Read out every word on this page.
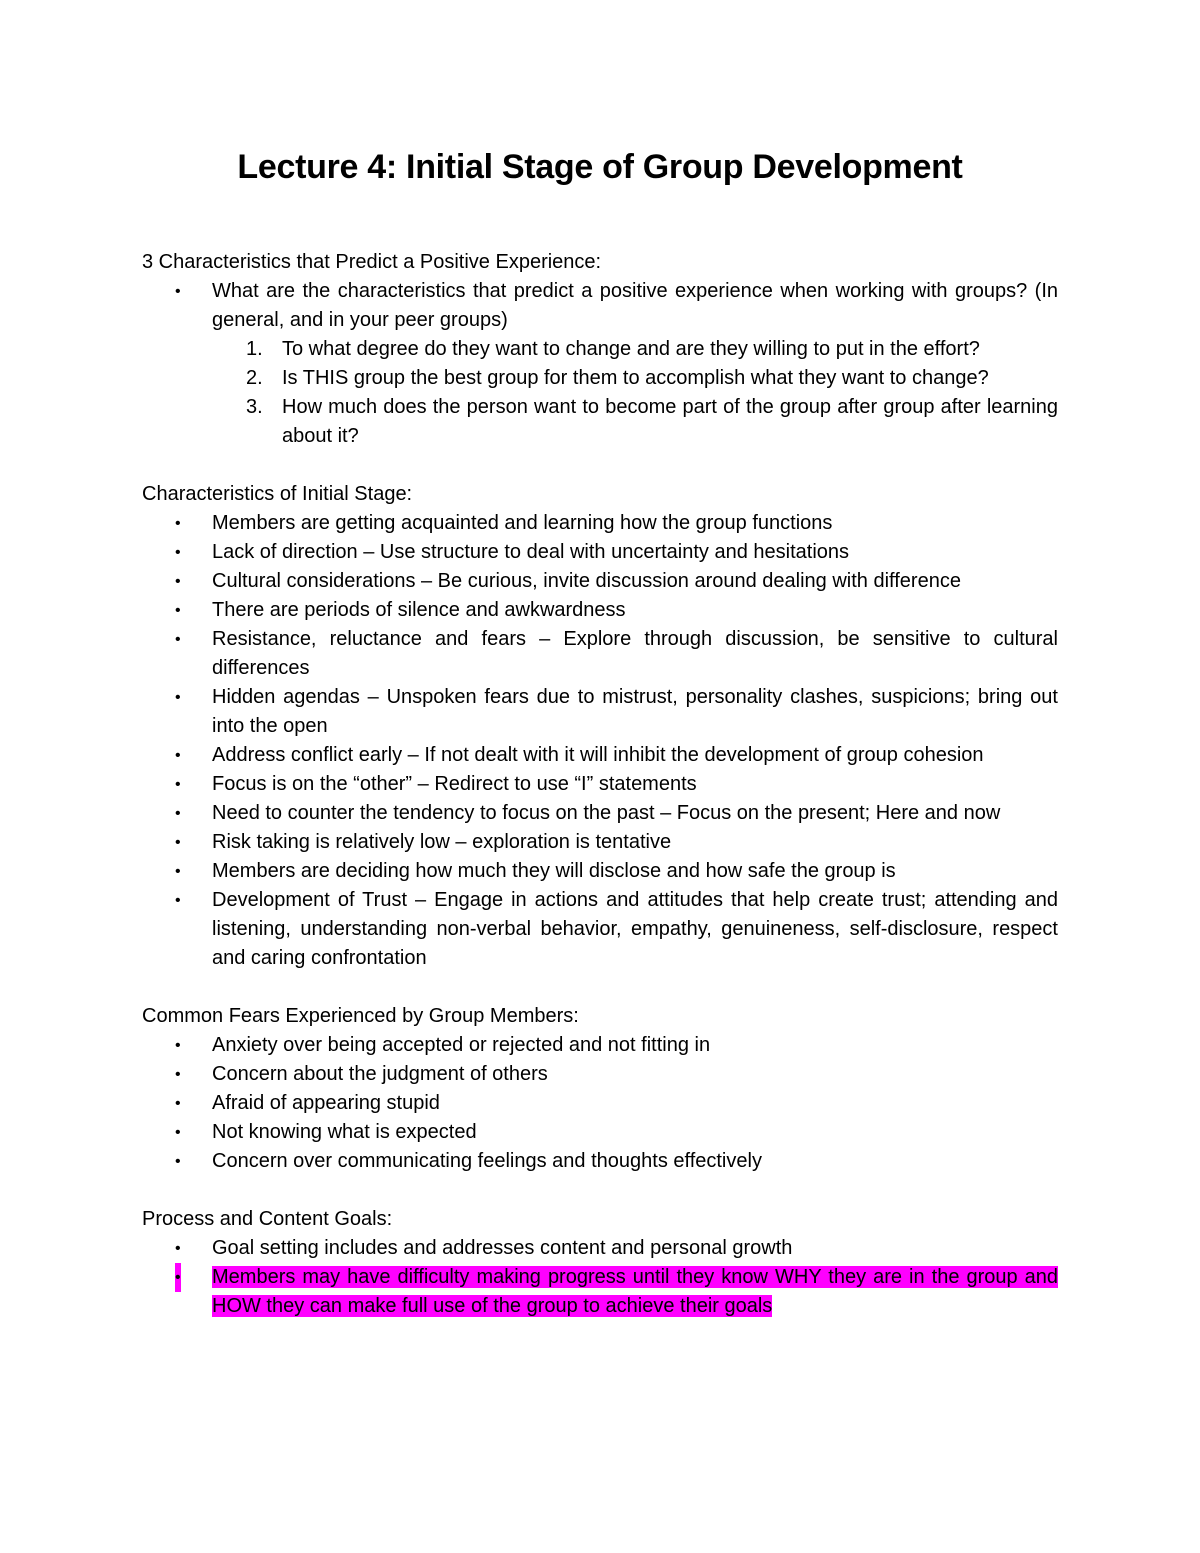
Lecture 4: Initial Stage of Group Development

3 Characteristics that Predict a Positive Experience:

• What are the characteristics that predict a positive experience when working with groups? (In general, and in your peer groups)
1. To what degree do they want to change and are they willing to put in the effort?
2. Is THIS group the best group for them to accomplish what they want to change?
3. How much does the person want to become part of the group after group after learning about it?

Characteristics of Initial Stage:

• Members are getting acquainted and learning how the group functions
• Lack of direction – Use structure to deal with uncertainty and hesitations
• Cultural considerations – Be curious, invite discussion around dealing with difference
• There are periods of silence and awkwardness
• Resistance, reluctance and fears – Explore through discussion, be sensitive to cultural differences
• Hidden agendas – Unspoken fears due to mistrust, personality clashes, suspicions; bring out into the open
• Address conflict early – If not dealt with it will inhibit the development of group cohesion
• Focus is on the “other” – Redirect to use “I” statements
• Need to counter the tendency to focus on the past – Focus on the present; Here and now
• Risk taking is relatively low – exploration is tentative
• Members are deciding how much they will disclose and how safe the group is
• Development of Trust – Engage in actions and attitudes that help create trust; attending and listening, understanding non-verbal behavior, empathy, genuineness, self-disclosure, respect and caring confrontation

Common Fears Experienced by Group Members:

• Anxiety over being accepted or rejected and not fitting in
• Concern about the judgment of others
• Afraid of appearing stupid
• Not knowing what is expected
• Concern over communicating feelings and thoughts effectively

Process and Content Goals:

• Goal setting includes and addresses content and personal growth
• Members may have difficulty making progress until they know WHY they are in the group and HOW they can make full use of the group to achieve their goals
